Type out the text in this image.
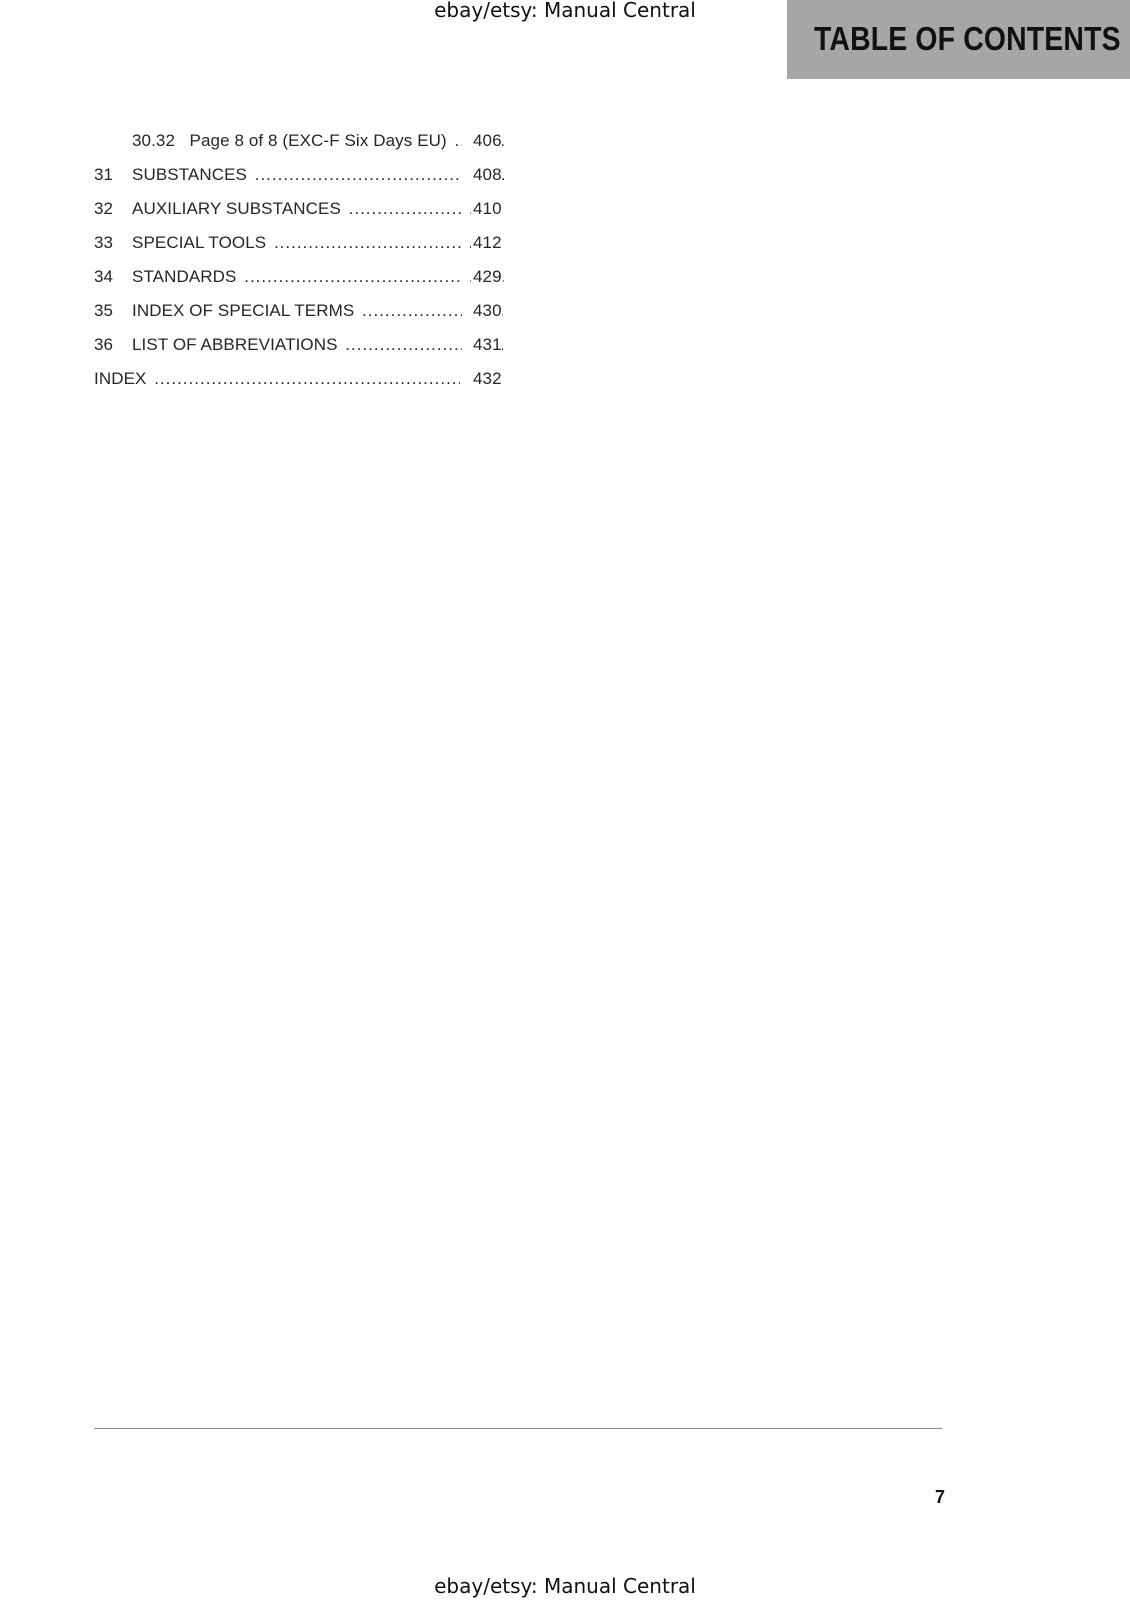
ebay/etsy: Manual Central
TABLE OF CONTENTS
30.32 Page 8 of 8 (EXC-F Six Days EU) .....	406
31 SUBSTANCES .....	408
32 AUXILIARY SUBSTANCES .....	410
33 SPECIAL TOOLS .....	412
34 STANDARDS .....	429
35 INDEX OF SPECIAL TERMS .....	430
36 LIST OF ABBREVIATIONS .....	431
INDEX .....	432
7
ebay/etsy: Manual Central
